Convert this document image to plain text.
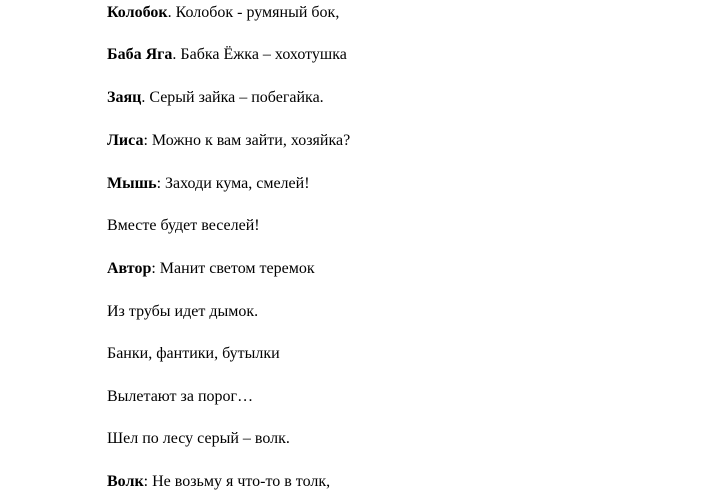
Колобок. Колобок - румяный бок,

Баба Яга. Бабка Ёжка – хохотушка

Заяц. Серый зайка – побегайка.

Лиса: Можно к вам зайти, хозяйка?

Мышь: Заходи кума, смелей!

Вместе будет веселей!

Автор: Манит светом теремок

Из трубы идет дымок.

Банки, фантики, бутылки

Вылетают за порог…

Шел по лесу серый – волк.

Волк: Не возьму я что-то в толк,
